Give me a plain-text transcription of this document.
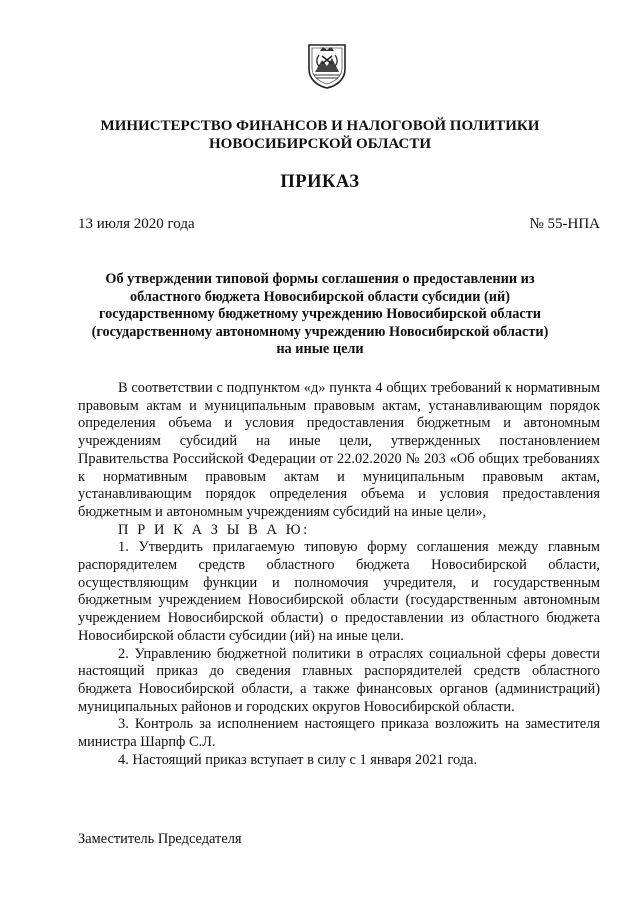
МИНИСТЕРСТВО ФИНАНСОВ И НАЛОГОВОЙ ПОЛИТИКИ
НОВОСИБИРСКОЙ ОБЛАСТИ
ПРИКАЗ
13 июля 2020 года	№ 55-НПА
Об утверждении типовой формы соглашения о предоставлении из
областного бюджета Новосибирской области субсидии (ий)
государственному бюджетному учреждению Новосибирской области
(государственному автономному учреждению Новосибирской области)
на иные цели

В соответствии с подпунктом «д» пункта 4 общих требований к нормативным правовым актам и муниципальным правовым актам, устанавливающим порядок определения объема и условия предоставления бюджетным и автономным учреждениям субсидий на иные цели, утвержденных постановлением Правительства Российской Федерации от 22.02.2020 № 203 «Об общих требованиях к нормативным правовым актам и муниципальным правовым актам, устанавливающим порядок определения объема и условия предоставления бюджетным и автономным учреждениям субсидий на иные цели»,

П Р И К А З Ы В А Ю:

1. Утвердить прилагаемую типовую форму соглашения между главным распорядителем средств областного бюджета Новосибирской области, осуществляющим функции и полномочия учредителя, и государственным бюджетным учреждением Новосибирской области (государственным автономным учреждением Новосибирской области) о предоставлении из областного бюджета Новосибирской области субсидии (ий) на иные цели.

2. Управлению бюджетной политики в отраслях социальной сферы довести настоящий приказ до сведения главных распорядителей средств областного бюджета Новосибирской области, а также финансовых органов (администраций) муниципальных районов и городских округов Новосибирской области.

3. Контроль за исполнением настоящего приказа возложить на заместителя министра Шарпф С.Л.

4. Настоящий приказ вступает в силу с 1 января 2021 года.

Заместитель Председателя
